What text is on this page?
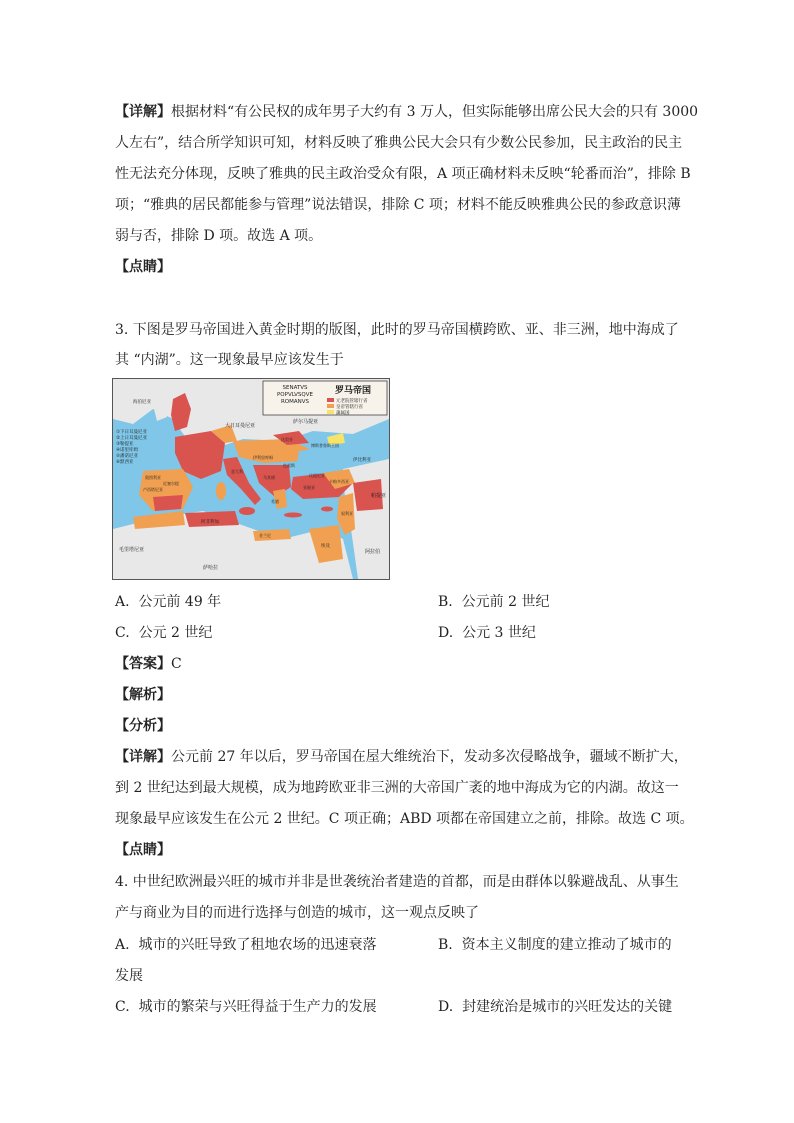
【详解】根据材料“有公民权的成年男子大约有 3 万人，但实际能够出席公民大会的只有 3000
人左右”，结合所学知识可知，材料反映了雅典公民大会只有少数公民参加，民主政治的民主
性无法充分体现，反映了雅典的民主政治受众有限，A 项正确材料未反映“轮番而治”，排除 B
项；“雅典的居民都能参与管理”说法错误，排除 C 项；材料不能反映雅典公民的参政意识薄
弱与否，排除 D 项。故选 A 项。
【点睛】
3. 下图是罗马帝国进入黄金时期的版图，此时的罗马帝国横跨欧、亚、非三洲，地中海成了
其 “内湖”。这一现象最早应该发生于
SENATVS
POPVLVSQVE
ROMANVS
罗马帝国
元老院管辖行省
皇帝管辖行省
藩属国
①下日耳曼尼亚
②上日耳曼尼亚
③勒提亚
④诺里库姆
⑤潘诺尼亚
⑥默西亚
海伯尼亚
大日耳曼尼亚
萨尔马提亚
博斯普鲁斯王国
伊比利亚
帕提亚
阿拉伯
阿非利加
埃及
昔兰尼
毛里塔尼亚
萨哈拉
奥图利亚
卢西塔尼亚
近塞尔提
亚细亚
叙利亚
比提尼亚
卡帕多西亚
色雷斯
达契亚
伊利里库姆
意大利
马其顿
希腊
A. 公元前 49 年	B. 公元前 2 世纪
C. 公元 2 世纪	D. 公元 3 世纪
【答案】C
【解析】
【分析】
【详解】公元前 27 年以后，罗马帝国在屋大维统治下，发动多次侵略战争，疆域不断扩大，
到 2 世纪达到最大规模，成为地跨欧亚非三洲的大帝国广袤的地中海成为它的内湖。故这一
现象最早应该发生在公元 2 世纪。C 项正确；ABD 项都在帝国建立之前，排除。故选 C 项。
【点睛】
4. 中世纪欧洲最兴旺的城市并非是世袭统治者建造的首都，而是由群体以躲避战乱、从事生
产与商业为目的而进行选择与创造的城市，这一观点反映了
A. 城市的兴旺导致了租地农场的迅速衰落	B. 资本主义制度的建立推动了城市的
发展
C. 城市的繁荣与兴旺得益于生产力的发展	D. 封建统治是城市的兴旺发达的关键
